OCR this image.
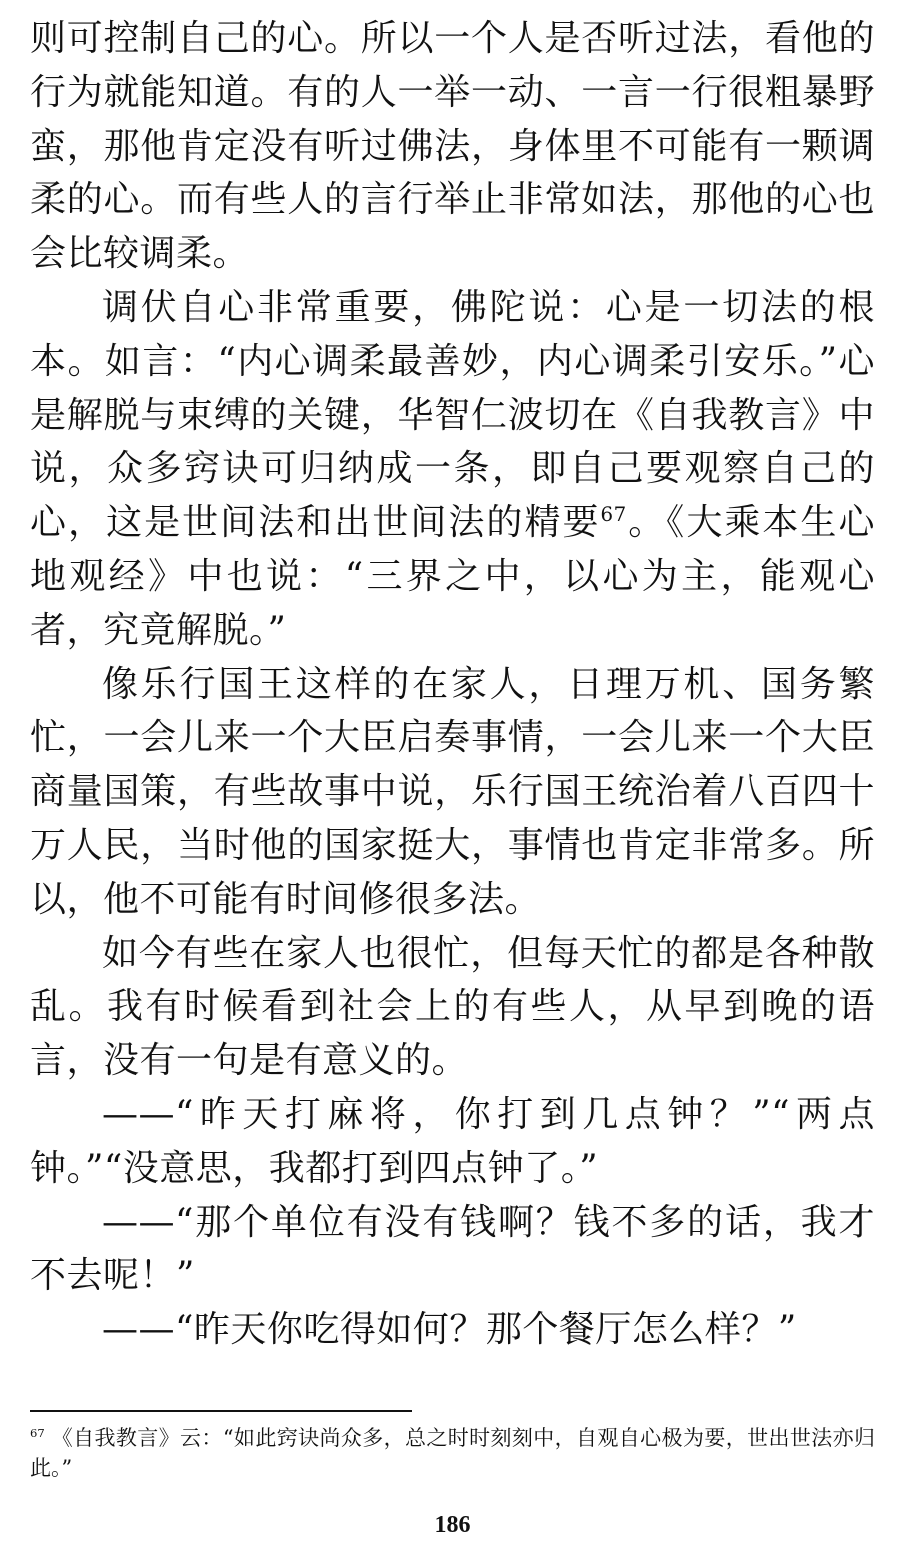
则可控制自己的心。所以一个人是否听过法，看他的行为就能知道。有的人一举一动、一言一行很粗暴野蛮，那他肯定没有听过佛法，身体里不可能有一颗调柔的心。而有些人的言行举止非常如法，那他的心也会比较调柔。

调伏自心非常重要，佛陀说：心是一切法的根本。如言：“内心调柔最善妙，内心调柔引安乐。”心是解脱与束缚的关键，华智仁波切在《自我教言》中说，众多窍诀可归纳成一条，即自己要观察自己的心，这是世间法和出世间法的精要$^{67}$。《大乘本生心地观经》中也说：“三界之中，以心为主，能观心者，究竟解脱。”

像乐行国王这样的在家人，日理万机、国务繁忙，一会儿来一个大臣启奏事情，一会儿来一个大臣商量国策，有些故事中说，乐行国王统治着八百四十万人民，当时他的国家挺大，事情也肯定非常多。所以，他不可能有时间修很多法。

如今有些在家人也很忙，但每天忙的都是各种散乱。我有时候看到社会上的有些人，从早到晚的语言，没有一句是有意义的。

——“昨天打麻将，你打到几点钟？”“两点钟。”“没意思，我都打到四点钟了。”

——“那个单位有没有钱啊？钱不多的话，我才不去呢！”

——“昨天你吃得如何？那个餐厅怎么样？”

$^{67}$ 《自我教言》云：“如此窍诀尚众多，总之时时刻刻中，自观自心极为要，世出世法亦归此。”
186
